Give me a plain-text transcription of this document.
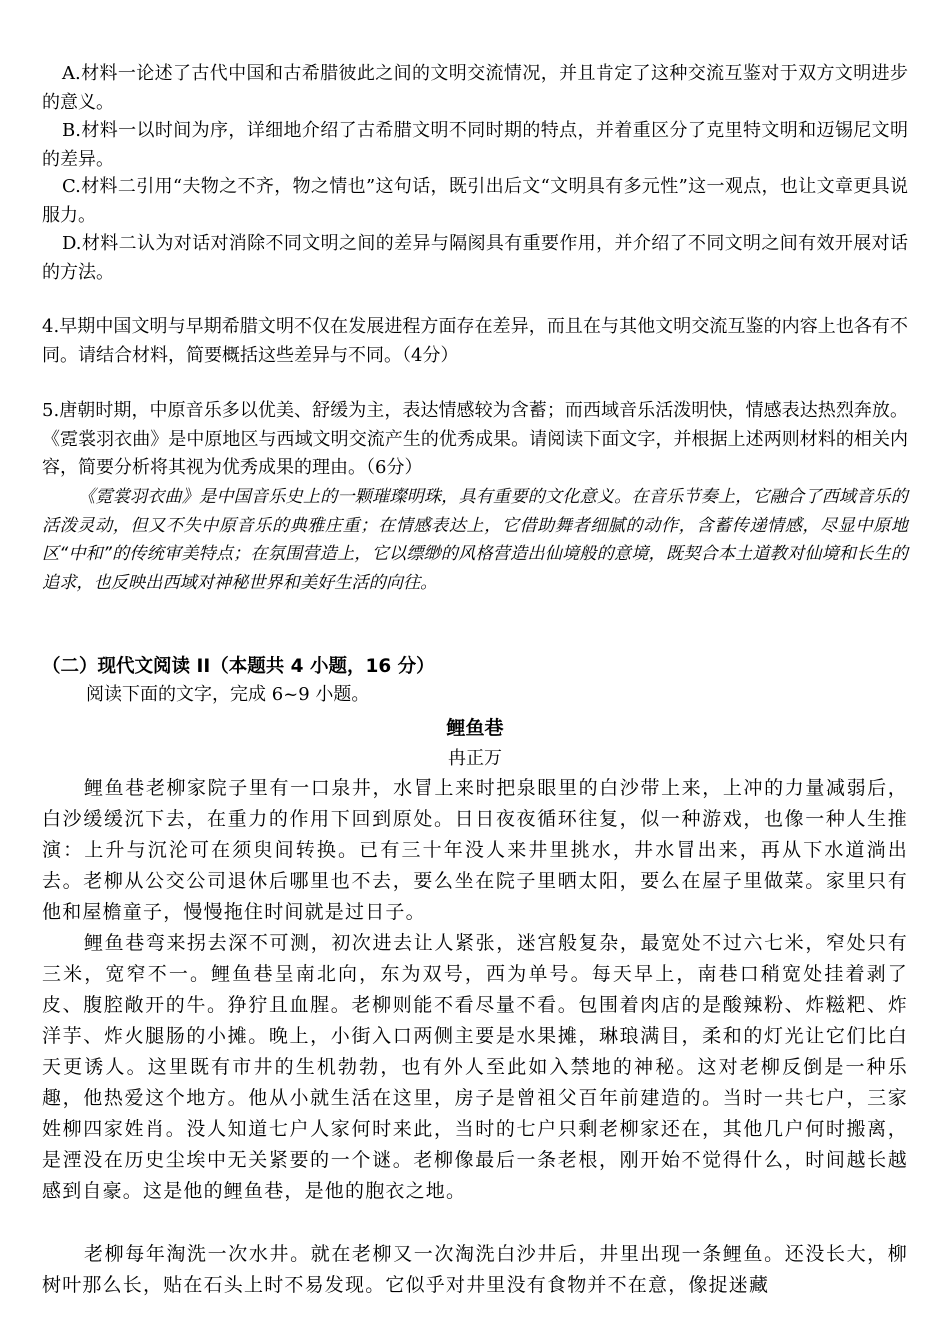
A.材料一论述了古代中国和古希腊彼此之间的文明交流情况，并且肯定了这种交流互鉴对于双方文明进步的意义。

B.材料一以时间为序，详细地介绍了古希腊文明不同时期的特点，并着重区分了克里特文明和迈锡尼文明的差异。

C.材料二引用“夫物之不齐，物之情也”这句话，既引出后文“文明具有多元性”这一观点，也让文章更具说服力。

D.材料二认为对话对消除不同文明之间的差异与隔阂具有重要作用，并介绍了不同文明之间有效开展对话的方法。

4.早期中国文明与早期希腊文明不仅在发展进程方面存在差异，而且在与其他文明交流互鉴的内容上也各有不同。请结合材料，简要概括这些差异与不同。（4分）

5.唐朝时期，中原音乐多以优美、舒缓为主，表达情感较为含蓄；而西域音乐活泼明快，情感表达热烈奔放。《霓裳羽衣曲》是中原地区与西域文明交流产生的优秀成果。请阅读下面文字，并根据上述两则材料的相关内容，简要分析将其视为优秀成果的理由。（6分）

《霓裳羽衣曲》是中国音乐史上的一颗璀璨明珠，具有重要的文化意义。在音乐节奏上，它融合了西域音乐的活泼灵动，但又不失中原音乐的典雅庄重；在情感表达上，它借助舞者细腻的动作，含蓄传递情感，尽显中原地区“中和”的传统审美特点；在氛围营造上，它以缥缈的风格营造出仙境般的意境，既契合本土道教对仙境和长生的追求，也反映出西域对神秘世界和美好生活的向往。

（二）现代文阅读 II（本题共 4 小题，16 分）

阅读下面的文字，完成 6~9 小题。

鲤鱼巷

冉正万

鲤鱼巷老柳家院子里有一口泉井，水冒上来时把泉眼里的白沙带上来，上冲的力量减弱后，白沙缓缓沉下去，在重力的作用下回到原处。日日夜夜循环往复，似一种游戏，也像一种人生推演：上升与沉沦可在须臾间转换。已有三十年没人来井里挑水，井水冒出来，再从下水道淌出去。老柳从公交公司退休后哪里也不去，要么坐在院子里晒太阳，要么在屋子里做菜。家里只有他和屋檐童子，慢慢拖住时间就是过日子。

鲤鱼巷弯来拐去深不可测，初次进去让人紧张，迷宫般复杂，最宽处不过六七米，窄处只有三米，宽窄不一。鲤鱼巷呈南北向，东为双号，西为单号。每天早上，南巷口稍宽处挂着剥了皮、腹腔敞开的牛。狰狞且血腥。老柳则能不看尽量不看。包围着肉店的是酸辣粉、炸糍粑、炸洋芋、炸火腿肠的小摊。晚上，小街入口两侧主要是水果摊，琳琅满目，柔和的灯光让它们比白天更诱人。这里既有市井的生机勃勃，也有外人至此如入禁地的神秘。这对老柳反倒是一种乐趣，他热爱这个地方。他从小就生活在这里，房子是曾祖父百年前建造的。当时一共七户，三家姓柳四家姓肖。没人知道七户人家何时来此，当时的七户只剩老柳家还在，其他几户何时搬离，是湮没在历史尘埃中无关紧要的一个谜。老柳像最后一条老根，刚开始不觉得什么，时间越长越感到自豪。这是他的鲤鱼巷，是他的胞衣之地。

老柳每年淘洗一次水井。就在老柳又一次淘洗白沙井后，井里出现一条鲤鱼。还没长大，柳树叶那么长，贴在石头上时不易发现。它似乎对井里没有食物并不在意，像捉迷藏
